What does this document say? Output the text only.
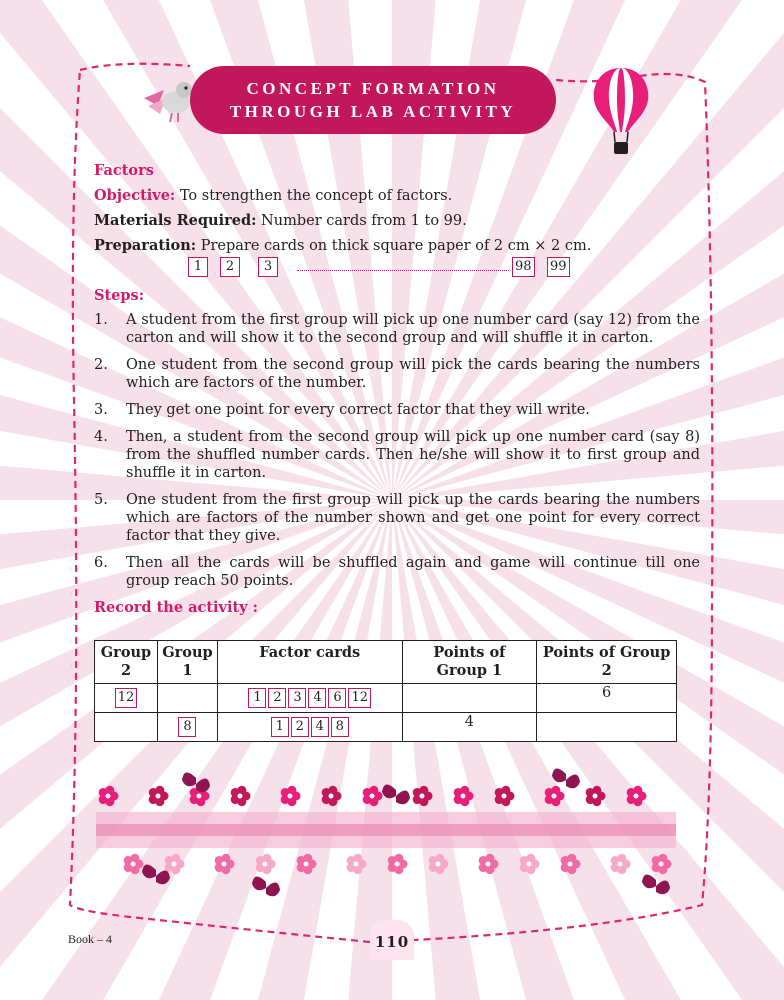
CONCEPT FORMATION
THROUGH LAB ACTIVITY
Factors
Objective: To strengthen the concept of factors.
Materials Required: Number cards from 1 to 99.
Preparation: Prepare cards on thick square paper of 2 cm × 2 cm.
1	2	3	98 99
Steps:
1. A student from the first group will pick up one number card (say 12) from the carton and will show it to the second group and will shuffle it in carton.
2. One student from the second group will pick the cards bearing the numbers which are factors of the number.
3. They get one point for every correct factor that they will write.
4. Then, a student from the second group will pick up one number card (say 8) from the shuffled number cards. Then he/she will show it to first group and shuffle it in carton.
5. One student from the first group will pick up the cards bearing the numbers which are factors of the number shown and get one point for every correct factor that they give.
6. Then all the cards will be shuffled again and game will continue till one group reach 50 points.
Record the activity :
Group 2	Group 1	Factor cards	Points of Group 1	Points of Group 2
12		1 2 3 4 6 12		6

	8	1 2 4 8	4	

Book – 4	110
